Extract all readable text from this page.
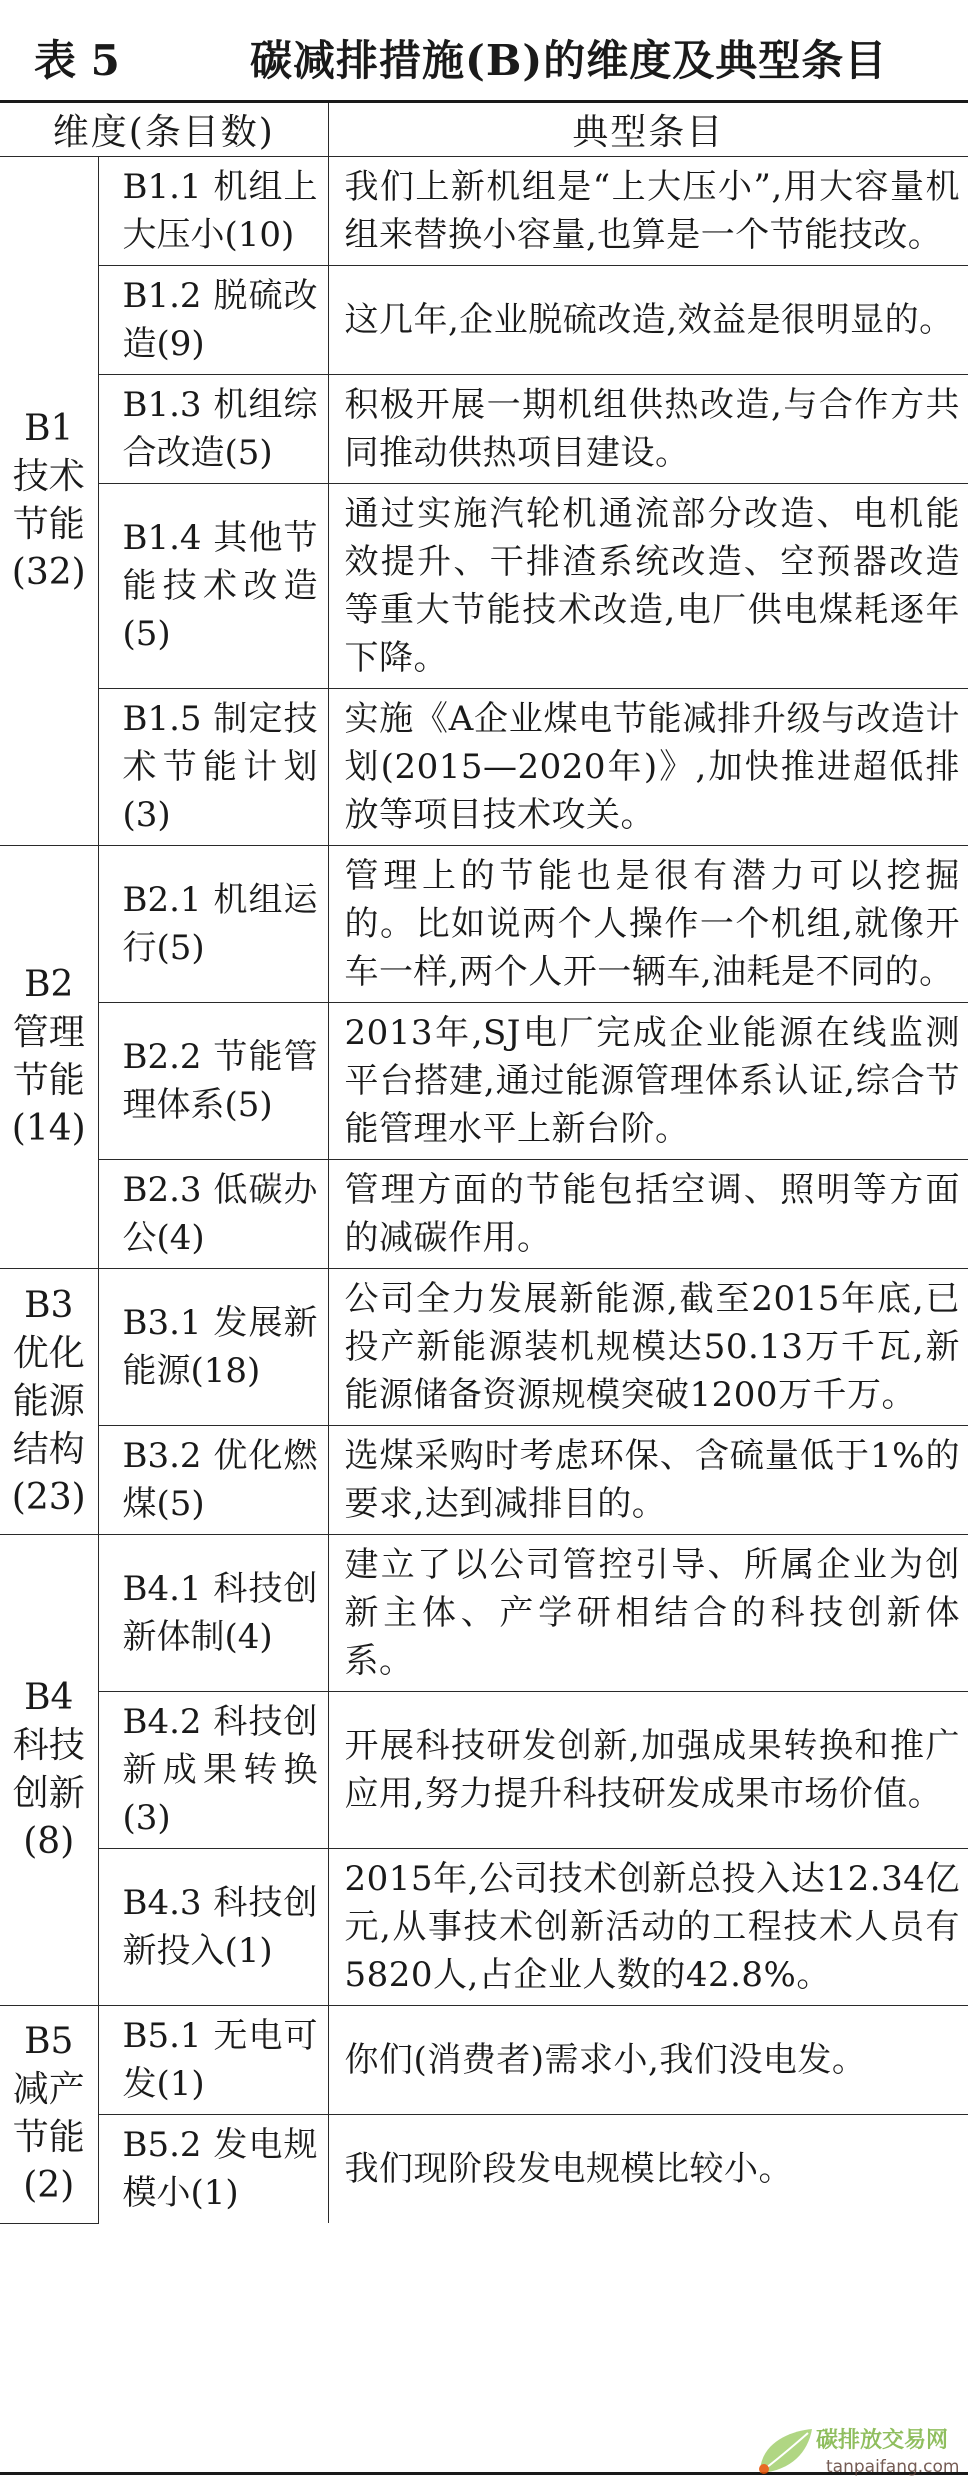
表 5	碳减排措施(B)的维度及典型条目
维度(条目数)		典型条目
B1 技术节能(32)	B1.1 机组上大压小(10)	我们上新机组是“上大压小”,用大容量机组来替换小容量,也算是一个节能技改。
	B1.2 脱硫改造(9)	这几年,企业脱硫改造,效益是很明显的。
	B1.3 机组综合改造(5)	积极开展一期机组供热改造,与合作方共同推动供热项目建设。
	B1.4 其他节能技术改造(5)	通过实施汽轮机通流部分改造、电机能效提升、干排渣系统改造、空预器改造等重大节能技术改造,电厂供电煤耗逐年下降。
	B1.5 制定技术节能计划(3)	实施《A企业煤电节能减排升级与改造计划(2015—2020年)》,加快推进超低排放等项目技术攻关。
B2 管理节能(14)	B2.1 机组运行(5)	管理上的节能也是很有潜力可以挖掘的。比如说两个人操作一个机组,就像开车一样,两个人开一辆车,油耗是不同的。
	B2.2 节能管理体系(5)	2013年,SJ电厂完成企业能源在线监测平台搭建,通过能源管理体系认证,综合节能管理水平上新台阶。
	B2.3 低碳办公(4)	管理方面的节能包括空调、照明等方面的减碳作用。
B3 优化能源结构(23)	B3.1 发展新能源(18)	公司全力发展新能源,截至2015年底,已投产新能源装机规模达50.13万千瓦,新能源储备资源规模突破1200万千万。
	B3.2 优化燃煤(5)	选煤采购时考虑环保、含硫量低于1%的要求,达到减排目的。
B4 科技创新(8)	B4.1 科技创新体制(4)	建立了以公司管控引导、所属企业为创新主体、产学研相结合的科技创新体系。
	B4.2 科技创新成果转换(3)	开展科技研发创新,加强成果转换和推广应用,努力提升科技研发成果市场价值。
	B4.3 科技创新投入(1)	2015年,公司技术创新总投入达12.34亿元,从事技术创新活动的工程技术人员有5820人,占企业人数的42.8%。
B5 减产节能(2)	B5.1 无电可发(1)	你们(消费者)需求小,我们没电发。
	B5.2 发电规模小(1)	我们现阶段发电规模比较小。
碳排放交易网
tanpaifang.com
